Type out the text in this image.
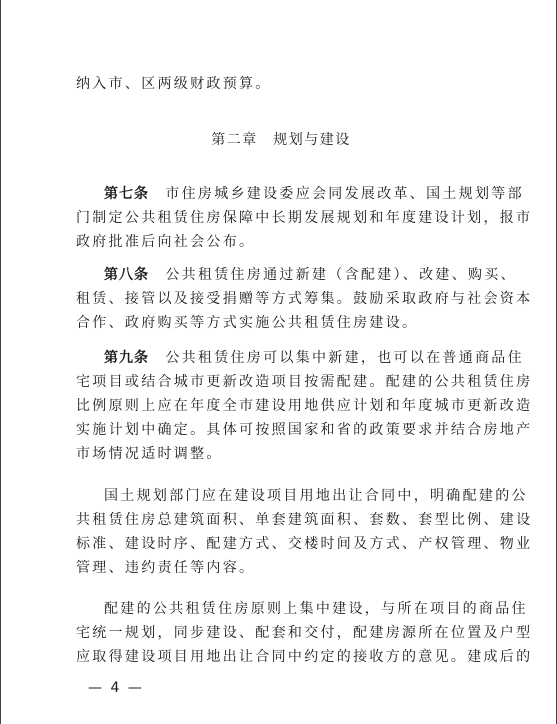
纳入市、区两级财政预算。
第二章　规划与建设
第七条　 市住房城乡建设委应会同发展改革、国土规划等部
门制定公共租赁住房保障中长期发展规划和年度建设计划，报市
政府批准后向社会公布。
第八条　 公共租赁住房通过新建（含配建）、改建、购买、
租赁、接管以及接受捐赠等方式筹集。鼓励采取政府与社会资本
合作、政府购买等方式实施公共租赁住房建设。
第九条　 公共租赁住房可以集中新建，也可以在普通商品住
宅项目或结合城市更新改造项目按需配建。配建的公共租赁住房
比例原则上应在年度全市建设用地供应计划和年度城市更新改造
实施计划中确定。具体可按照国家和省的政策要求并结合房地产
市场情况适时调整。
国土规划部门应在建设项目用地出让合同中，明确配建的公
共租赁住房总建筑面积、单套建筑面积、套数、套型比例、建设
标准、建设时序、配建方式、交楼时间及方式、产权管理、物业
管理、违约责任等内容。
配建的公共租赁住房原则上集中建设，与所在项目的商品住
宅统一规划，同步建设、配套和交付，配建房源所在位置及户型
应取得建设项目用地出让合同中约定的接收方的意见。建成后的
— 4 —
